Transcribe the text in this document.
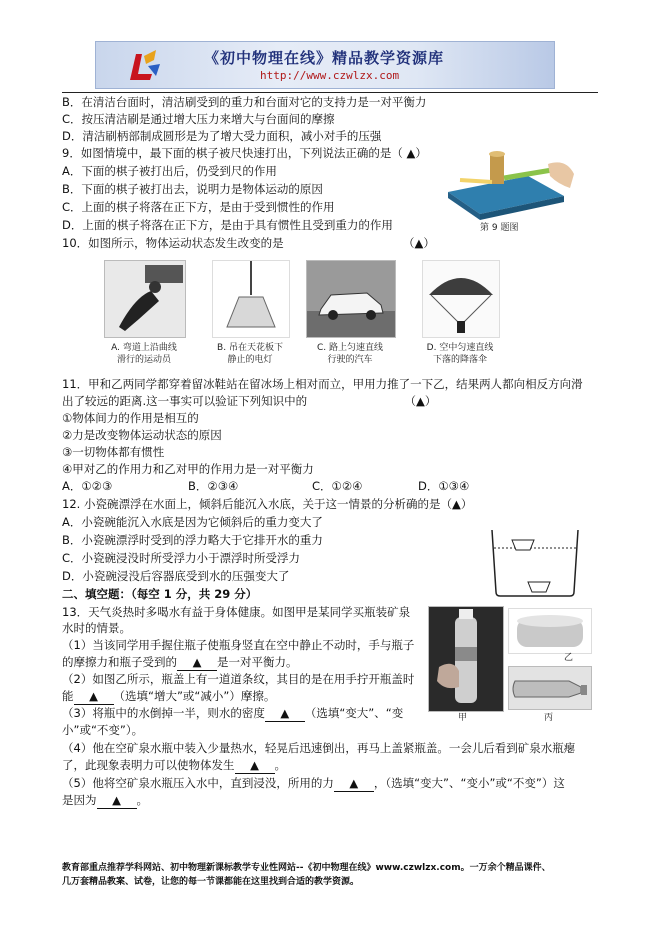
《初中物理在线》精品教学资源库
http://www.czwlzx.com
B．在清洁台面时，清洁刷受到的重力和台面对它的支持力是一对平衡力
C．按压清洁刷是通过增大压力来增大与台面间的摩擦
D．清洁刷柄部制成圆形是为了增大受力面积，减小对手的压强
9．如图情境中，最下面的棋子被尺快速打出，下列说法正确的是（ ▲）
A．下面的棋子被打出后，仍受到尺的作用
B．下面的棋子被打出去，说明力是物体运动的原因
C．上面的棋子将落在正下方，是由于受到惯性的作用
D．上面的棋子将落在正下方，是由于具有惯性且受到重力的作用	第 9 题图
10．如图所示，物体运动状态发生改变的是	（▲）
A. 弯道上沿曲线
滑行的运动员
B. 吊在天花板下
静止的电灯
C. 路上匀速直线
行驶的汽车
D. 空中匀速直线
下落的降落伞
11．甲和乙两同学都穿着留冰鞋站在留冰场上相对而立，甲用力推了一下乙，结果两人都向相反方向滑
出了较远的距离.这一事实可以验证下列知识中的	（▲）
①物体间力的作用是相互的
②力是改变物体运动状态的原因
③一切物体都有惯性
④甲对乙的作用力和乙对甲的作用力是一对平衡力
A．①②③	B．②③④	C．①②④	D．①③④
12. 小瓷碗漂浮在水面上，倾斜后能沉入水底，关于这一情景的分析确的是（▲）
A．小瓷碗能沉入水底是因为它倾斜后的重力变大了
B．小瓷碗漂浮时受到的浮力略大于它排开水的重力
C．小瓷碗浸没时所受浮力小于漂浮时所受浮力
D．小瓷碗浸没后容器底受到水的压强变大了
二、填空题：（每空 1 分，共 29 分）
13．天气炎热时多喝水有益于身体健康。如图甲是某同学买瓶装矿泉
水时的情景。
（1）当该同学用手握住瓶子使瓶身竖直在空中静止不动时，手与瓶子
的摩擦力和瓶子受到的 ▲ 是一对平衡力。
（2）如图乙所示，瓶盖上有一道道条纹，其目的是在用手拧开瓶盖时
能 ▲ （选填“增大”或“减小”）摩擦。
（3）将瓶中的水倒掉一半，则水的密度 ▲ （选填“变大”、“变
小”或“不变”）。
（4）他在空矿泉水瓶中装入少量热水，轻晃后迅速倒出，再马上盖紧瓶盖。一会儿后看到矿泉水瓶瘪
了，此现象表明力可以使物体发生 ▲ 。
（5）他将空矿泉水瓶压入水中，直到浸没，所用的力 ▲ ，（选填“变大”、“变小”或“不变”）这
是因为 ▲ 。
甲
乙
丙
教育部重点推荐学科网站、初中物理新课标教学专业性网站--《初中物理在线》www.czwlzx.com。一万余个精品课件、
几万套精品教案、试卷，让您的每一节课都能在这里找到合适的教学资源。
